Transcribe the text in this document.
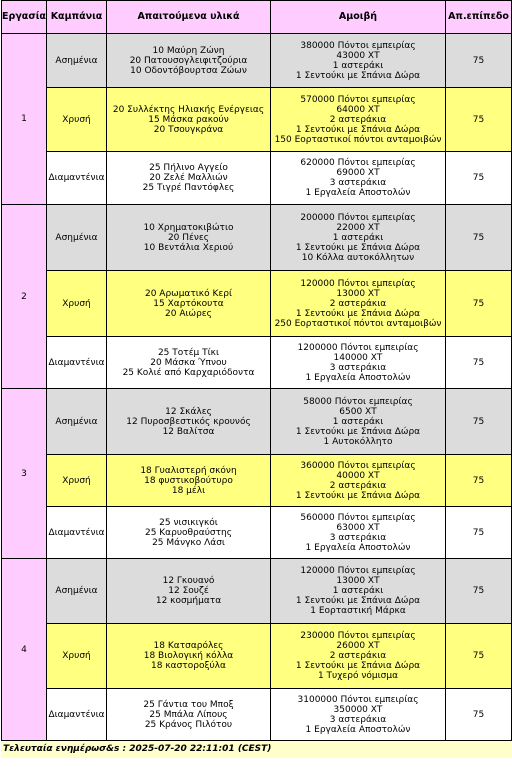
Εργασία	Καμπάνια	Απαιτούμενα υλικά	Αμοιβή	Απ.επίπεδο
1	Ασημένια	10 Μαύρη Ζώνη
20 Πατουσογλειφιτζούρια
10 Οδοντόβουρτσα Ζώων	380000 Πόντοι εμπειρίας
43000 ΧΤ
1 αστεράκι
1 Σεντούκι με Σπάνια Δώρα	75
	Χρυσή	20 Συλλέκτης Ηλιακής Ενέργειας
15 Μάσκα ρακούν
20 Τσουγκράνα	570000 Πόντοι εμπειρίας
64000 ΧΤ
2 αστεράκια
1 Σεντούκι με Σπάνια Δώρα
150 Εορταστικοί πόντοι ανταμοιβών	75
	Διαμαντένια	25 Πήλινο Αγγείο
20 Ζελέ Μαλλιών
25 Τιγρέ Παντόφλες	620000 Πόντοι εμπειρίας
69000 ΧΤ
3 αστεράκια
1 Εργαλεία Αποστολών	75
2	Ασημένια	10 Χρηματοκιβώτιο
20 Πένες
10 Βεντάλια Χεριού	200000 Πόντοι εμπειρίας
22000 ΧΤ
1 αστεράκι
1 Σεντούκι με Σπάνια Δώρα
10 Κόλλα αυτοκόλλητων	75
	Χρυσή	20 Αρωματικό Κερί
15 Χαρτόκουτα
20 Αιώρες	120000 Πόντοι εμπειρίας
13000 ΧΤ
2 αστεράκια
1 Σεντούκι με Σπάνια Δώρα
250 Εορταστικοί πόντοι ανταμοιβών	75
	Διαμαντένια	25 Τοτέμ Τίκι
20 Μάσκα Ύπνου
25 Κολιέ από Καρχαριόδοντα	1200000 Πόντοι εμπειρίας
140000 ΧΤ
3 αστεράκια
1 Εργαλεία Αποστολών	75
3	Ασημένια	12 Σκάλες
12 Πυροσβεστικός κρουνός
12 Βαλίτσα	58000 Πόντοι εμπειρίας
6500 ΧΤ
1 αστεράκι
1 Σεντούκι με Σπάνια Δώρα
1 Αυτοκόλλητο	75
	Χρυσή	18 Γυαλιστερή σκόνη
18 φυστικοβούτυρο
18 μέλι	360000 Πόντοι εμπειρίας
40000 ΧΤ
2 αστεράκια
1 Σεντούκι με Σπάνια Δώρα	75
	Διαμαντένια	25 νισικιγκόι
25 Καρυοθραύστης
25 Μάνγκο Λάσι	560000 Πόντοι εμπειρίας
63000 ΧΤ
3 αστεράκια
1 Εργαλεία Αποστολών	75
4	Ασημένια	12 Γκουανό
12 Σουζέ
12 κοσμήματα	120000 Πόντοι εμπειρίας
13000 ΧΤ
1 αστεράκι
1 Σεντούκι με Σπάνια Δώρα
1 Εορταστική Μάρκα	75
	Χρυσή	18 Κατσαρόλες
18 Βιολογική κόλλα
18 καστοροξύλα	230000 Πόντοι εμπειρίας
26000 ΧΤ
2 αστεράκια
1 Σεντούκι με Σπάνια Δώρα
1 Τυχερό νόμισμα	75
	Διαμαντένια	25 Γάντια του Μποξ
25 Μπάλα Λίπους
25 Κράνος Πιλότου	3100000 Πόντοι εμπειρίας
350000 ΧΤ
3 αστεράκια
1 Εργαλεία Αποστολών	75
Τελευταία ενημέρωσ&s : 2025-07-20 22:11:01 (CEST)
